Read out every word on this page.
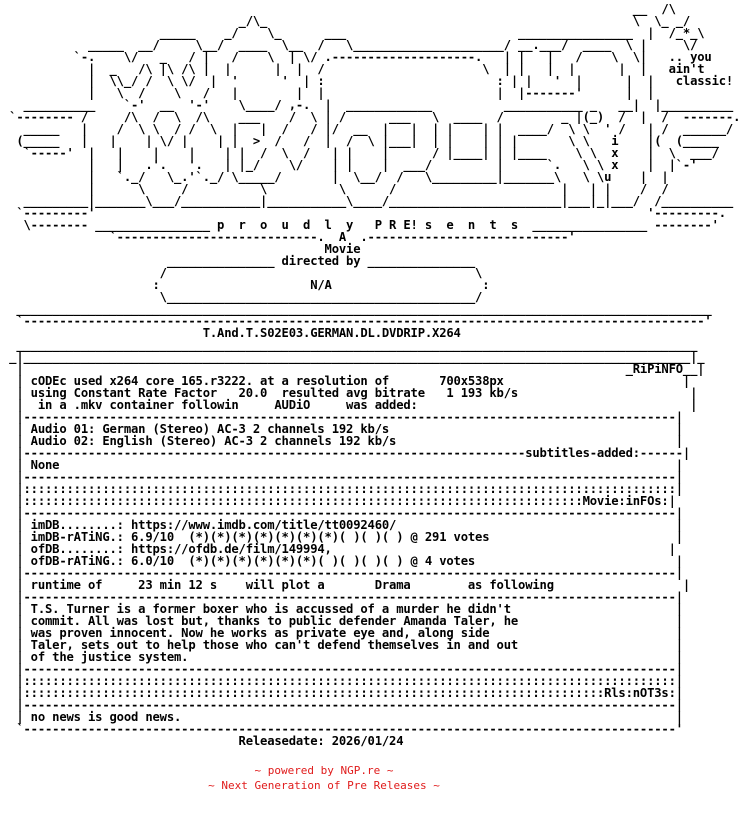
__  /\
_/\_                                                   \  \_ _/
_____    _/    \_      ___                        ________________  |  /_*_\
_____  __/     \__/  ____  \__  /   \_____________________/ __.___/  ____  \ |     \/
`-.    \/   _   / |   /    \  | \/ .--------------------.   | |   |   /    \  \|   .. you
|  _   /\ |\ /\ |  |      |  |  /                      \  | |   |  |      |  |   ain't
|  \\_/ /  \ \/  |  '      '  | :                        : | |   '  |      |  |   classic!
|   \  /    \   /   |        |  |                        |  |-------'      |  |
__________    `-'  __  '-'    \____/ ,-.  |  ____________          ___________ _   __|  |__________
`-------- /     /\  /  \  /\    ___    /  \ | /      ___   \  ____  /        _ |(_)  /  |  /  -------.
_____   |    /  \ \  / /  \  |   |  /   / |/  __  |   |  | |    | |  ____/  \ \  ' /   | /  ______/
(_____   |   |    | \/ |    | |  >  /   /  |  /  \ |___|  | |    | | |       \ \   i    |(  (_____
`-----'  |   |    |    |    | |  /  \  /   | |    |      / |____| | |____    \ \  x    |  \  ___/
|   |   .'.   '.   | |_/    \/    | |    |  ___/         |      `.   \ \ x    |  |`-'
|   `._/   \_.'`._/ \_____/       |  \__/  /   \_________|_______\   \ \u    |  |
|      \     /          \          \      /                       |   | |    /  /
_________|_______\___/___________|___________\____/________________________|___|_|___/  /__________
`---------'                                                                             '---------.
\-------- ________________ p  r  o  u  d  l  y   P R E! s  e  n  t  s  ________________ --------'
`----------------------------.  A  .----------------------------'
Movie
_______________ directed by _______________
/                                           \
:                     N/A                     :
\___________________________________________/
_________________________________________________________________________________________________
`-----------------------------------------------------------------------------------------------'
T.And.T.S02E03.GERMAN.DL.DVDRIP.X264
_______________________________________________________________________________________________
_|_____________________________________________________________________________________________|_
|                                                                                    _RiPiNFO__|
| cODEc used x264 core 165.r3222. at a resolution of       700x538px                         |
| using Constant Rate Factor   20.0  resulted avg bitrate   1 193 kb/s                        |
|  in a .mkv container followin     AUDiO     was added:                                      |
|-------------------------------------------------------------------------------------------|
| Audio 01: German (Stereo) AC-3 2 channels 192 kb/s                                        |
| Audio 02: English (Stereo) AC-3 2 channels 192 kb/s                                       |
|----------------------------------------------------------------------subtitles-added:------|
| None                                                                                      |
|-------------------------------------------------------------------------------------------|
|:::::::::::::::::::::::::::::::::::::::::::::::::::::::::::::::::::::::::::::::::::::::::::|
|::::::::::::::::::::::::::::::::::::::::::::::::::::::::::::::::::::::::::::::Movie:inFOs:|
|-------------------------------------------------------------------------------------------|
| imDB........: https://www.imdb.com/title/tt0092460/                                       |
| imDB-rATiNG.: 6.9/10  (*)(*)(*)(*)(*)(*)(*)( )( )( ) @ 291 votes                          |
| ofDB........: https://ofdb.de/film/149994,                                               |
| ofDB-rATiNG.: 6.0/10  (*)(*)(*)(*)(*)(*)( )( )( )( ) @ 4 votes                            |
|-------------------------------------------------------------------------------------------|
| runtime of     23 min 12 s    will plot a       Drama        as following                  |
|-------------------------------------------------------------------------------------------|
| T.S. Turner is a former boxer who is accussed of a murder he didn't                       |
| commit. All was lost but, thanks to public defender Amanda Taler, he                      |
| was proven innocent. Now he works as private eye and, along side                          |
| Taler, sets out to help those who can't defend themselves in and out                      |
| of the justice system.                                                                    |
|-------------------------------------------------------------------------------------------|
|:::::::::::::::::::::::::::::::::::::::::::::::::::::::::::::::::::::::::::::::::::::::::::|
|:::::::::::::::::::::::::::::::::::::::::::::::::::::::::::::::::::::::::::::::::Rls:nOT3s:|
|-------------------------------------------------------------------------------------------|
| no news is good news.                                                                     |
`-------------------------------------------------------------------------------------------'
Releasedate: 2026/01/24

~ powered by NGP.re ~
~ Next Generation of Pre Releases ~
